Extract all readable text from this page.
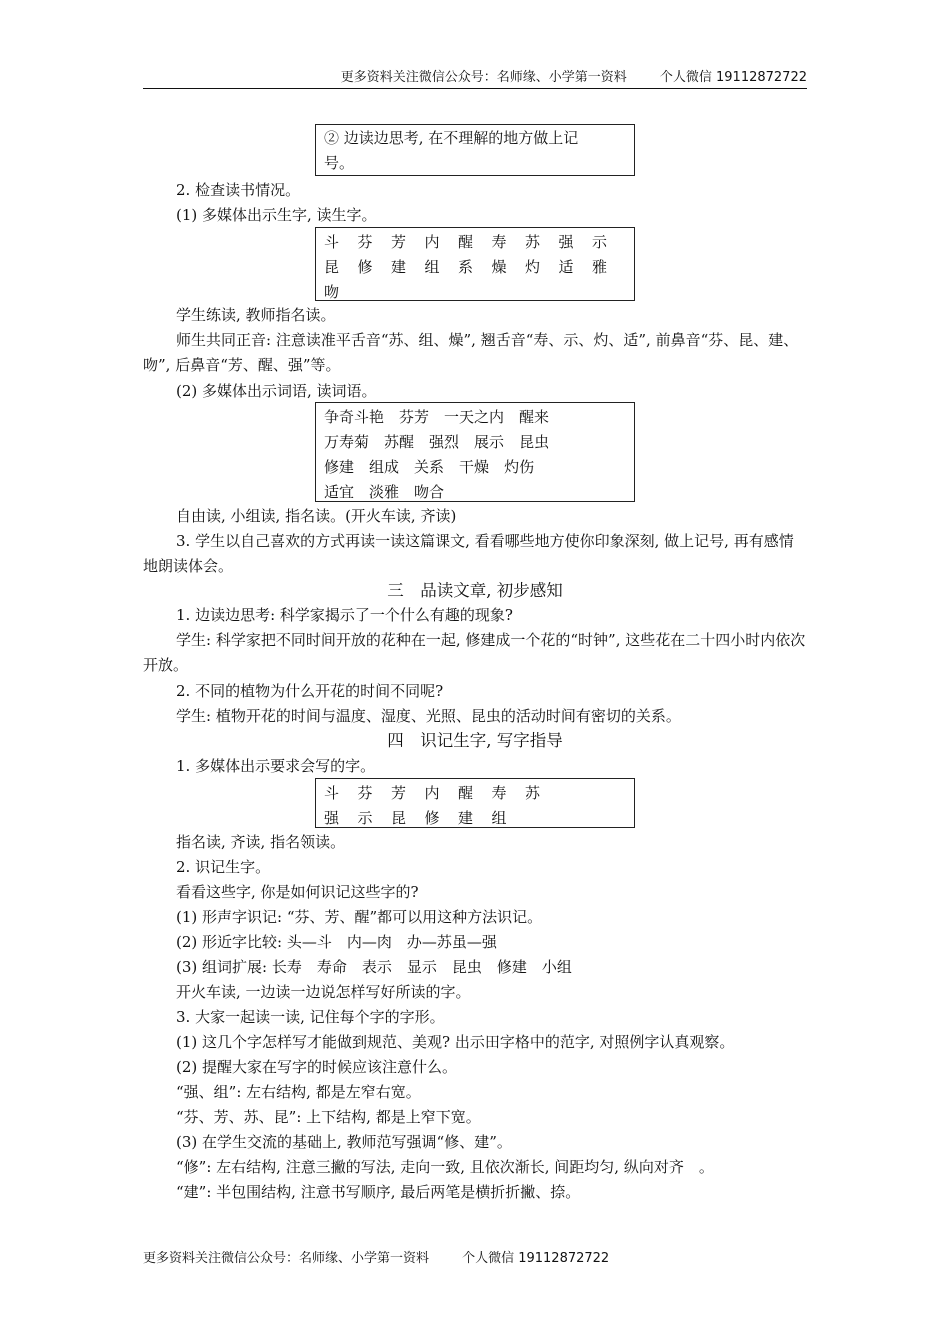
更多资料关注微信公众号：名师缘、小学第一资料	个人微信 19112872722
② 边读边思考, 在不理解的地方做上记
号。
2. 检查读书情况。
(1) 多媒体出示生字, 读生字。
斗 芬 芳 内 醒 寿 苏 强 示
昆 修 建 组 系 燥 灼 适 雅
吻
学生练读, 教师指名读。
师生共同正音: 注意读准平舌音“苏、组、燥”, 翘舌音“寿、示、灼、适”, 前鼻音“芬、昆、建、吻”, 后鼻音“芳、醒、强”等。
(2) 多媒体出示词语, 读词语。
争奇斗艳 芬芳 一天之内 醒来
万寿菊 苏醒 强烈 展示 昆虫
修建 组成 关系 干燥 灼伤
适宜 淡雅 吻合
自由读, 小组读, 指名读。(开火车读, 齐读)
3. 学生以自己喜欢的方式再读一读这篇课文, 看看哪些地方使你印象深刻, 做上记号, 再有感情地朗读体会。
三　品读文章, 初步感知
1. 边读边思考: 科学家揭示了一个什么有趣的现象?
学生: 科学家把不同时间开放的花种在一起, 修建成一个花的“时钟”, 这些花在二十四小时内依次开放。
2. 不同的植物为什么开花的时间不同呢?
学生: 植物开花的时间与温度、湿度、光照、昆虫的活动时间有密切的关系。
四　识记生字, 写字指导
1. 多媒体出示要求会写的字。
斗 芬 芳 内 醒 寿 苏
强 示 昆 修 建 组
指名读, 齐读, 指名领读。
2. 识记生字。
看看这些字, 你是如何识记这些字的?
(1) 形声字识记: “芬、芳、醒”都可以用这种方法识记。
(2) 形近字比较: 头—斗　内—肉　办—苏虽—强
(3) 组词扩展: 长寿　寿命　表示　显示　昆虫　修建　小组
开火车读, 一边读一边说怎样写好所读的字。
3. 大家一起读一读, 记住每个字的字形。
(1) 这几个字怎样写才能做到规范、美观? 出示田字格中的范字, 对照例字认真观察。
(2) 提醒大家在写字的时候应该注意什么。
“强、组”: 左右结构, 都是左窄右宽。
“芬、芳、苏、昆”: 上下结构, 都是上窄下宽。
(3) 在学生交流的基础上, 教师范写强调“修、建”。
“修”: 左右结构, 注意三撇的写法, 走向一致, 且依次渐长, 间距均匀, 纵向对齐　。
“建”: 半包围结构, 注意书写顺序, 最后两笔是横折折撇、捺。
更多资料关注微信公众号：名师缘、小学第一资料	个人微信 19112872722
